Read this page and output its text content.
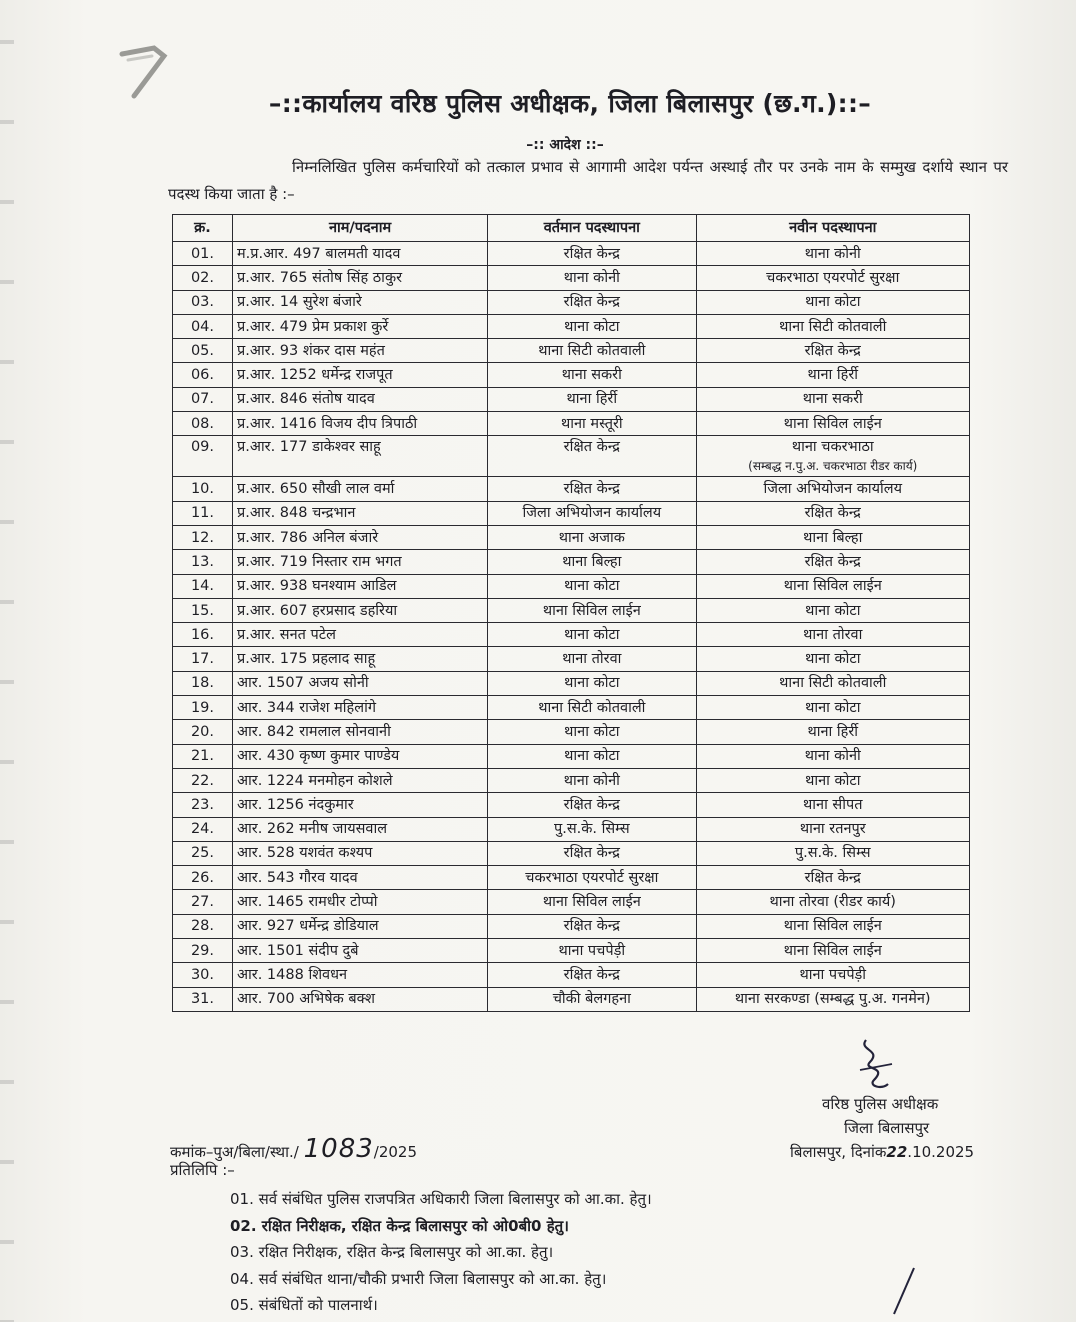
–::कार्यालय वरिष्ठ पुलिस अधीक्षक, जिला बिलासपुर (छ.ग.)::–
–:: आदेश ::–
निम्नलिखित पुलिस कर्मचारियों को तत्काल प्रभाव से आगामी आदेश पर्यन्त अस्थाई तौर पर उनके नाम के सम्मुख दर्शाये स्थान पर पदस्थ किया जाता है :–
क्र.	नाम/पदनाम	वर्तमान पदस्थापना	नवीन पदस्थापना
01.	म.प्र.आर. 497 बालमती यादव	रक्षित केन्द्र	थाना कोनी
02.	प्र.आर. 765 संतोष सिंह ठाकुर	थाना कोनी	चकरभाठा एयरपोर्ट सुरक्षा
03.	प्र.आर. 14 सुरेश बंजारे	रक्षित केन्द्र	थाना कोटा
04.	प्र.आर. 479 प्रेम प्रकाश कुर्रे	थाना कोटा	थाना सिटी कोतवाली
05.	प्र.आर. 93 शंकर दास महंत	थाना सिटी कोतवाली	रक्षित केन्द्र
06.	प्र.आर. 1252 धर्मेन्द्र राजपूत	थाना सकरी	थाना हिर्री
07.	प्र.आर. 846 संतोष यादव	थाना हिर्री	थाना सकरी
08.	प्र.आर. 1416 विजय दीप त्रिपाठी	थाना मस्तूरी	थाना सिविल लाईन
09.	प्र.आर. 177 डाकेश्वर साहू	रक्षित केन्द्र	थाना चकरभाठा
(सम्बद्ध न.पु.अ. चकरभाठा रीडर कार्य)

10.	प्र.आर. 650 सौखी लाल वर्मा	रक्षित केन्द्र	जिला अभियोजन कार्यालय
11.	प्र.आर. 848 चन्द्रभान	जिला अभियोजन कार्यालय	रक्षित केन्द्र
12.	प्र.आर. 786 अनिल बंजारे	थाना अजाक	थाना बिल्हा
13.	प्र.आर. 719 निस्तार राम भगत	थाना बिल्हा	रक्षित केन्द्र
14.	प्र.आर. 938 घनश्याम आडिल	थाना कोटा	थाना सिविल लाईन
15.	प्र.आर. 607 हरप्रसाद डहरिया	थाना सिविल लाईन	थाना कोटा
16.	प्र.आर. सनत पटेल	थाना कोटा	थाना तोरवा
17.	प्र.आर. 175 प्रहलाद साहू	थाना तोरवा	थाना कोटा
18.	आर. 1507 अजय सोनी	थाना कोटा	थाना सिटी कोतवाली
19.	आर. 344 राजेश महिलांगे	थाना सिटी कोतवाली	थाना कोटा
20.	आर. 842 रामलाल सोनवानी	थाना कोटा	थाना हिर्री
21.	आर. 430 कृष्ण कुमार पाण्डेय	थाना कोटा	थाना कोनी
22.	आर. 1224 मनमोहन कोशले	थाना कोनी	थाना कोटा
23.	आर. 1256 नंदकुमार	रक्षित केन्द्र	थाना सीपत
24.	आर. 262 मनीष जायसवाल	पु.स.के. सिम्स	थाना रतनपुर
25.	आर. 528 यशवंत कश्यप	रक्षित केन्द्र	पु.स.के. सिम्स
26.	आर. 543 गौरव यादव	चकरभाठा एयरपोर्ट सुरक्षा	रक्षित केन्द्र
27.	आर. 1465 रामधीर टोप्पो	थाना सिविल लाईन	थाना तोरवा (रीडर कार्य)
28.	आर. 927 धर्मेन्द्र डोडियाल	रक्षित केन्द्र	थाना सिविल लाईन
29.	आर. 1501 संदीप दुबे	थाना पचपेड़ी	थाना सिविल लाईन
30.	आर. 1488 शिवधन	रक्षित केन्द्र	थाना पचपेड़ी
31.	आर. 700 अभिषेक बक्श	चौकी बेलगहना	थाना सरकण्डा (सम्बद्ध पु.अ. गनमेन)
वरिष्ठ पुलिस अधीक्षक
जिला बिलासपुर
बिलासपुर, दिनांक22.10.2025
कमांक–पुअ/बिला/स्था./ 1083/2025
प्रतिलिपि :–
01. सर्व संबंधित पुलिस राजपत्रित अधिकारी जिला बिलासपुर को आ.का. हेतु।
02. रक्षित निरीक्षक, रक्षित केन्द्र बिलासपुर को ओ0बी0 हेतु।
03. रक्षित निरीक्षक, रक्षित केन्द्र बिलासपुर को आ.का. हेतु।
04. सर्व संबंधित थाना/चौकी प्रभारी जिला बिलासपुर को आ.का. हेतु।
05. संबंधितों को पालनार्थ।
